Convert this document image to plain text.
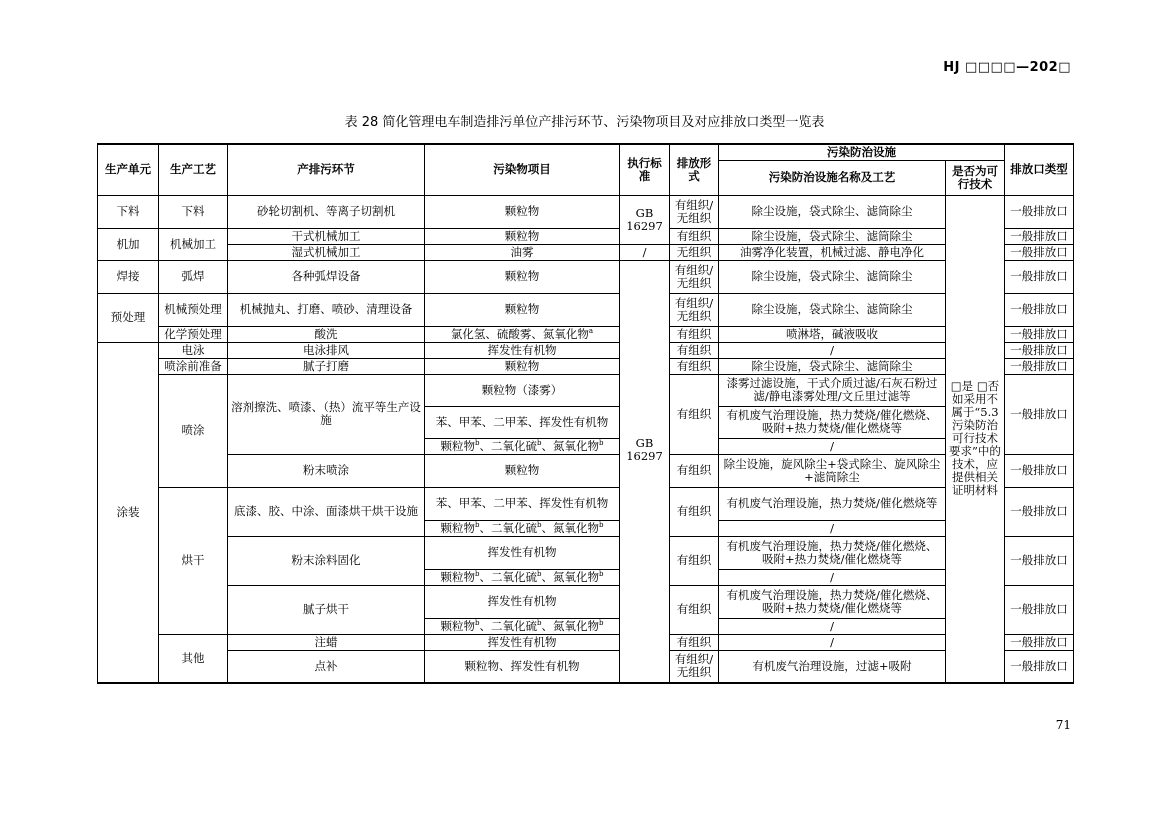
HJ □□□□—202□
表 28 简化管理电车制造排污单位产排污环节、污染物项目及对应排放口类型一览表
生产单元	生产工艺	产排污环节	污染物项目	执行标准	排放形式	污染防治设施		排放口类型
						污染防治设施名称及工艺	是否为可行技术	
下料	下料	砂轮切割机、等离子切割机	颗粒物	GB 16297	有组织/无组织	除尘设施，袋式除尘、滤筒除尘	□是 □否 如采用不属于“5.3 污染防治可行技术要求”中的技术，应提供相关证明材料	一般排放口
机加	机械加工	干式机械加工	颗粒物		有组织	除尘设施，袋式除尘、滤筒除尘		一般排放口
		湿式机械加工	油雾	/	无组织	油雾净化装置，机械过滤、静电净化		一般排放口
焊接	弧焊	各种弧焊设备	颗粒物	GB 16297	有组织/无组织	除尘设施，袋式除尘、滤筒除尘		一般排放口
预处理	机械预处理	机械抛丸、打磨、喷砂、清理设备	颗粒物		有组织/无组织	除尘设施，袋式除尘、滤筒除尘		一般排放口
	化学预处理	酸洗	氯化氢、硫酸雾、氮氧化物$^a$		有组织	喷淋塔，碱液吸收		一般排放口
涂装	电泳	电泳排风	挥发性有机物		有组织	/		一般排放口
	喷涂前准备	腻子打磨	颗粒物		有组织	除尘设施，袋式除尘、滤筒除尘		一般排放口
	喷涂	溶剂擦洗、喷漆、（热）流平等生产设施	颗粒物（漆雾）		有组织	漆雾过滤设施，干式介质过滤/石灰石粉过滤/静电漆雾处理/文丘里过滤等		一般排放口

			苯、甲苯、二甲苯、挥发性有机物			有机废气治理设施，热力焚烧/催化燃烧、吸附+热力焚烧/催化燃烧等		

			颗粒物$^b$、二氧化硫$^b$、氮氧化物$^b$			/		
		粉末喷涂	颗粒物		有组织	除尘设施，旋风除尘+袋式除尘、旋风除尘+滤筒除尘		一般排放口
	烘干	底漆、胶、中涂、面漆烘干烘干设施	苯、甲苯、二甲苯、挥发性有机物		有组织	有机废气治理设施，热力焚烧/催化燃烧等		一般排放口
			颗粒物$^b$、二氧化硫$^b$、氮氧化物$^b$			/		
		粉末涂料固化	挥发性有机物		有组织	有机废气治理设施，热力焚烧/催化燃烧、吸附+热力焚烧/催化燃烧等		一般排放口
			颗粒物$^b$、二氧化硫$^b$、氮氧化物$^b$			/		
		腻子烘干	挥发性有机物		有组织	有机废气治理设施，热力焚烧/催化燃烧、吸附+热力焚烧/催化燃烧等		一般排放口
			颗粒物$^b$、二氧化硫$^b$、氮氧化物$^b$			/		
	其他	注蜡	挥发性有机物		有组织	/		一般排放口
		点补	颗粒物、挥发性有机物		有组织/无组织	有机废气治理设施，过滤+吸附		一般排放口
71
